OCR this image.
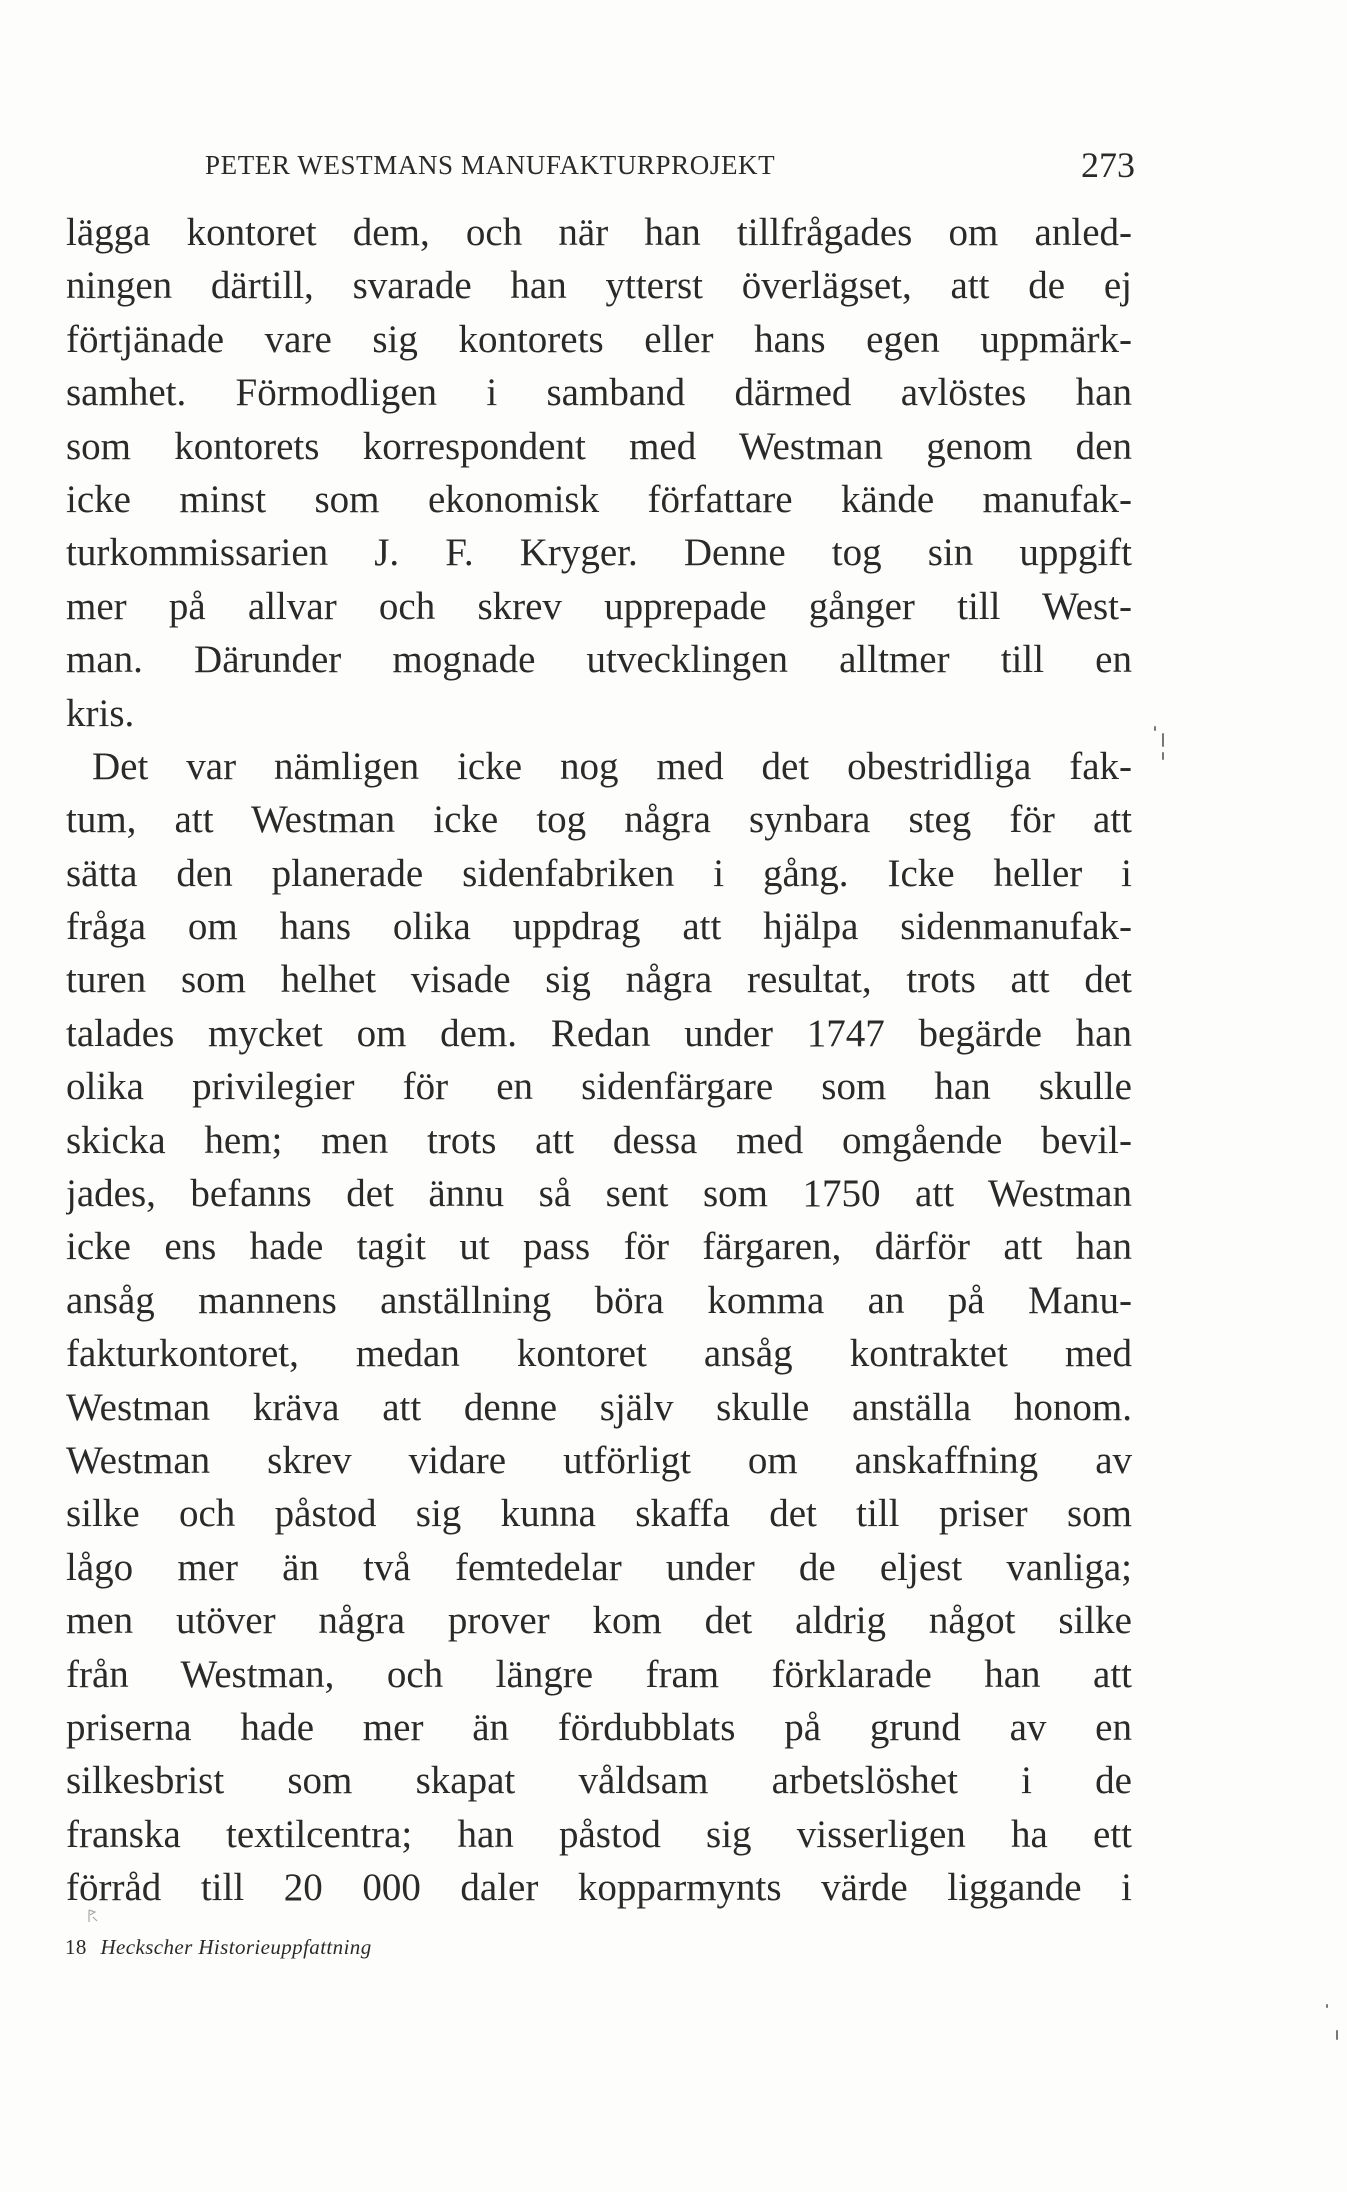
PETER WESTMANS MANUFAKTURPROJEKT	273
lägga kontoret dem, och när han tillfrågades om anled-
ningen därtill, svarade han ytterst överlägset, att de ej
förtjänade vare sig kontorets eller hans egen uppmärk-
samhet. Förmodligen i samband därmed avlöstes han
som kontorets korrespondent med Westman genom den
icke minst som ekonomisk författare kände manufak-
turkommissarien J. F. Kryger. Denne tog sin uppgift
mer på allvar och skrev upprepade gånger till West-
man. Därunder mognade utvecklingen alltmer till en
kris.
Det var nämligen icke nog med det obestridliga fak-
tum, att Westman icke tog några synbara steg för att
sätta den planerade sidenfabriken i gång. Icke heller i
fråga om hans olika uppdrag att hjälpa sidenmanufak-
turen som helhet visade sig några resultat, trots att det
talades mycket om dem. Redan under 1747 begärde han
olika privilegier för en sidenfärgare som han skulle
skicka hem; men trots att dessa med omgående bevil-
jades, befanns det ännu så sent som 1750 att Westman
icke ens hade tagit ut pass för färgaren, därför att han
ansåg mannens anställning böra komma an på Manu-
fakturkontoret, medan kontoret ansåg kontraktet med
Westman kräva att denne själv skulle anställa honom.
Westman skrev vidare utförligt om anskaffning av
silke och påstod sig kunna skaffa det till priser som
lågo mer än två femtedelar under de eljest vanliga;
men utöver några prover kom det aldrig något silke
från Westman, och längre fram förklarade han att
priserna hade mer än fördubblats på grund av en
silkesbrist som skapat våldsam arbetslöshet i de
franska textilcentra; han påstod sig visserligen ha ett
förråd till 20 000 daler kopparmynts värde liggande i
18 Heckscher Historieuppfattning
